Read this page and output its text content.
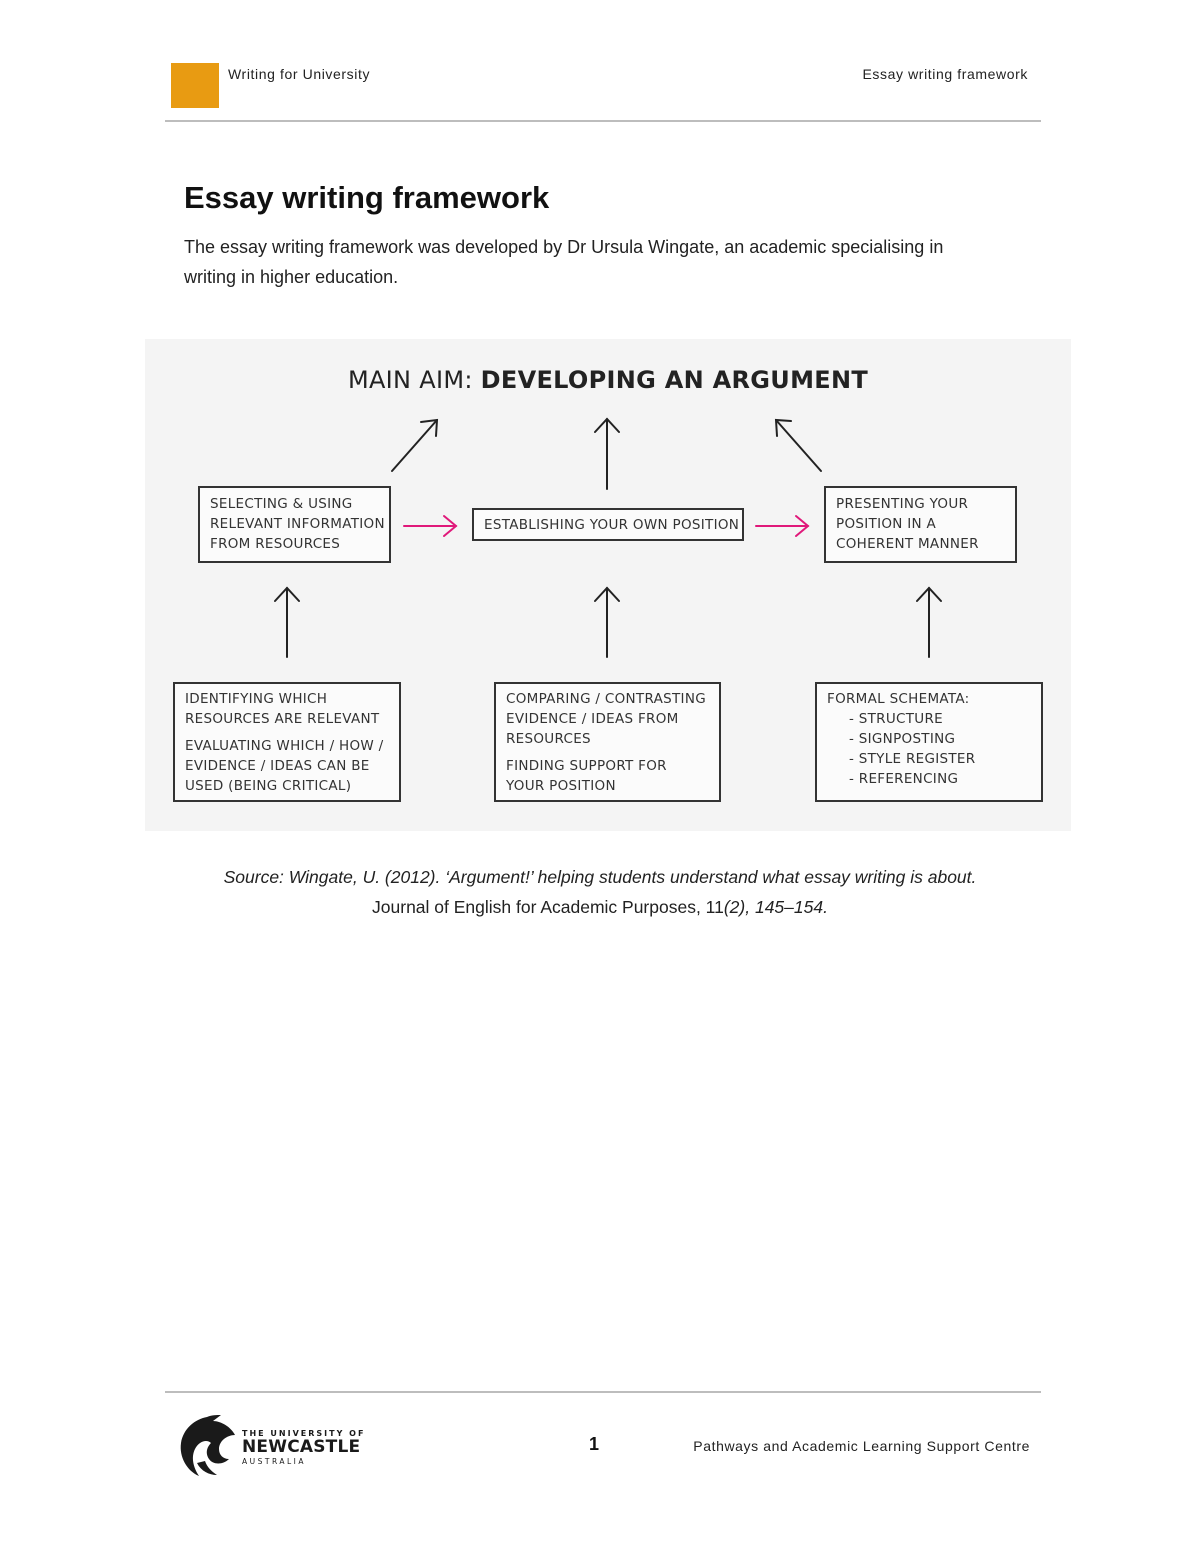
Writing for University	Essay writing framework
Essay writing framework

The essay writing framework was developed by Dr Ursula Wingate, an academic specialising in writing in higher education.

MAIN AIM: DEVELOPING AN ARGUMENT
SELECTING & USING
RELEVANT INFORMATION
FROM RESOURCES
ESTABLISHING YOUR OWN POSITION
PRESENTING YOUR
POSITION IN A
COHERENT MANNER
IDENTIFYING WHICH
RESOURCES ARE RELEVANT
EVALUATING WHICH / HOW /
EVIDENCE / IDEAS CAN BE
USED (BEING CRITICAL)
COMPARING / CONTRASTING
EVIDENCE / IDEAS FROM
RESOURCES
FINDING SUPPORT FOR
YOUR POSITION
FORMAL SCHEMATA:
- STRUCTURE
- SIGNPOSTING
- STYLE REGISTER
- REFERENCING
Source: Wingate, U. (2012). ‘Argument!’ helping students understand what essay writing is about.
Journal of English for Academic Purposes, 11(2), 145–154.
THE UNIVERSITY OF
NEWCASTLE
AUSTRALIA
1	Pathways and Academic Learning Support Centre
